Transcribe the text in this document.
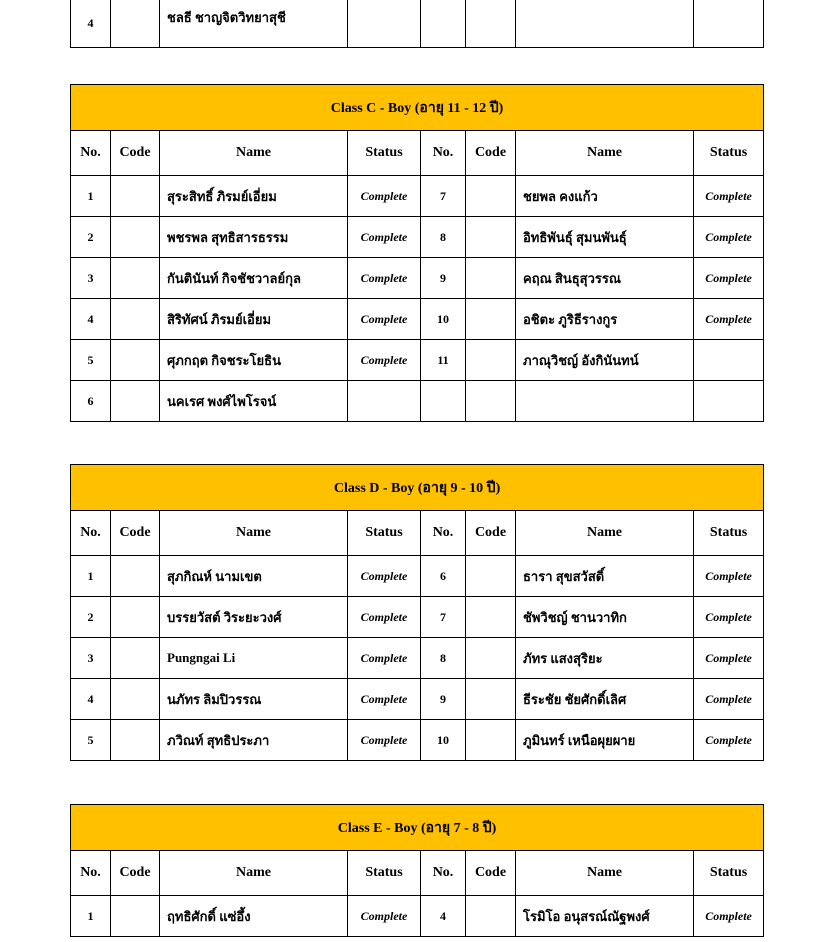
4		ชลธี ชาญจิตวิทยาสุชี					
Class C - Boy (อายุ 11 - 12 ปี)							
No.	Code	Name	Status	No.	Code	Name	Status
1		สุระสิทธิ์ ภิรมย์เอี่ยม	Complete	7		ชยพล คงแก้ว	Complete
2		พชรพล สุทธิสารธรรม	Complete	8		อิทธิพันธุ์ สุมนพันธุ์	Complete
3		กันตินันท์ กิจชัชวาลย์กุล	Complete	9		คฤณ สินธุสุวรรณ	Complete
4		สิริทัศน์ ภิรมย์เอี่ยม	Complete	10		อชิตะ ภูริธีรางกูร	Complete
5		ศุภกฤต กิจชระโยธิน	Complete	11		ภาณุวิชญ์ อังกินันทน์	
6		นคเรศ พงศ์ไพโรจน์					
Class D - Boy (อายุ 9 - 10 ปี)							
No.	Code	Name	Status	No.	Code	Name	Status
1		สุภกิณห์ นามเขต	Complete	6		ธารา สุขสวัสดิ์	Complete
2		บรรยวัสต์ วิระยะวงศ์	Complete	7		ชัพวิชญ์ ชานวาทิก	Complete
3		Pungngai Li	Complete	8		ภัทร แสงสุริยะ	Complete
4		นภัทร ลิมปิวรรณ	Complete	9		ธีระชัย ชัยศักดิ์เลิศ	Complete
5		ภวิณท์ สุทธิประภา	Complete	10		ภูมินทร์ เหนือผุยผาย	Complete
Class E - Boy (อายุ 7 - 8 ปี)							
No.	Code	Name	Status	No.	Code	Name	Status
1		ฤทธิศักดิ์ แซ่อึ้ง	Complete	4		โรมิโอ อนุสรณ์ณัฐพงศ์	Complete
